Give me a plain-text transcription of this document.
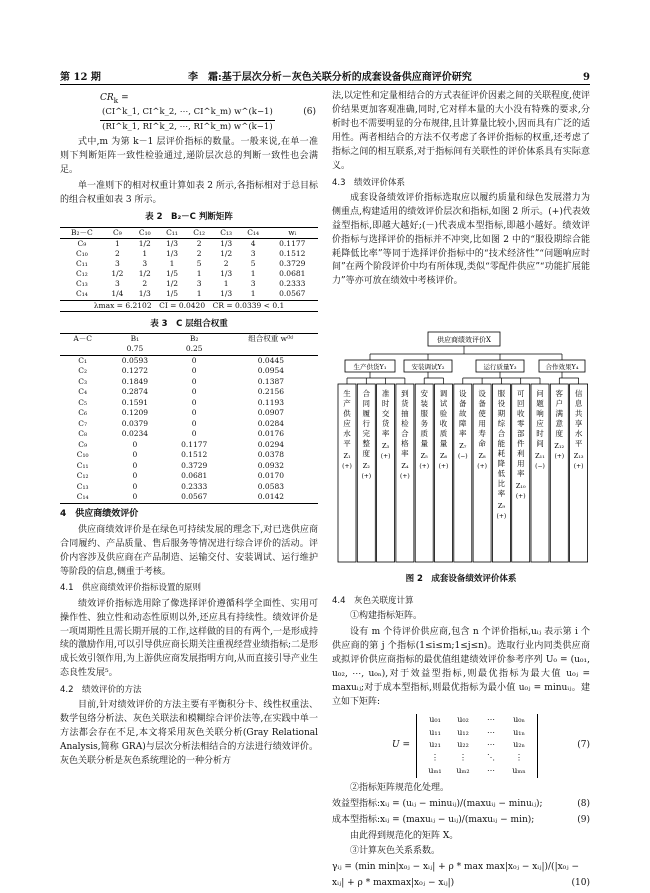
第 12 期	李　霜:基于层次分析－灰色关联分析的成套设备供应商评价研究	9
$CR_k$ =
$\frac{(CI\^{}k\_1, CI\^{}k\_2, \cdots, CI\^{}k\_m) w\^{}(k-1)}{(RI\^{}k\_1, RI\^{}k\_2, \cdots, RI\^{}k\_m) w\^{}(k-1)}$	(6)

式中,m 为第 k－1 层评价指标的数量。一般来说,在单一准则下判断矩阵一致性检验通过,递阶层次总的判断一致性也会满足。

单一准则下的相对权重计算如表 2 所示,各指标相对于总目标的组合权重如表 3 所示。

表 2　B₂－C 判断矩阵
B₂－C	C₉	C₁₀	C₁₁	C₁₂	C₁₃	C₁₄	wᵢ
C₉	1	1/2	1/3	2	1/3	4	0.1177
C₁₀	2	1	1/3	2	1/2	3	0.1512
C₁₁	3	3	1	5	2	5	0.3729
C₁₂	1/2	1/2	1/5	1	1/3	1	0.0681
C₁₃	3	2	1/2	3	1	3	0.2333
C₁₄	1/4	1/3	1/5	1	1/3	1	0.0567
λmax = 6.2102　CI = 0.0420　CR = 0.0339 < 0.1							
表 3　C 层组合权重
A－C	B₁	B₂	组合权重 w⁽ᵏ⁾
	0.75	0.25	
C₁	0.0593	0	0.0445
C₂	0.1272	0	0.0954
C₃	0.1849	0	0.1387
C₄	0.2874	0	0.2156
C₅	0.1591	0	0.1193
C₆	0.1209	0	0.0907
C₇	0.0379	0	0.0284
C₈	0.0234	0	0.0176
C₉	0	0.1177	0.0294
C₁₀	0	0.1512	0.0378
C₁₁	0	0.3729	0.0932
C₁₂	0	0.0681	0.0170
C₁₃	0	0.2333	0.0583
C₁₄	0	0.0567	0.0142
4　供应商绩效评价

供应商绩效评价是在绿色可持续发展的理念下,对已选供应商合同履约、产品质量、售后服务等情况进行综合评价的活动。评价内容涉及供应商在产品制造、运输交付、安装调试、运行维护等阶段的信息,侧重于考核。

4.1　供应商绩效评价指标设置的原则

绩效评价指标选用除了像选择评价遵循科学全面性、实用可操作性、独立性和动态性原则以外,还应具有持续性。绩效评价是一项周期性且需长期开展的工作,这样做的目的有两个,一是形成持续的激励作用,可以引导供应商长期关注重视经营业绩指标;二是形成长效引领作用,为上游供应商发展指明方向,从而直接引导产业生态良性发展⁵。

4.2　绩效评价的方法

目前,针对绩效评价的方法主要有平衡积分卡、线性权重法、数学包络分析法、灰色关联法和模糊综合评价法等,在实践中单一方法都会存在不足,本文将采用灰色关联分析(Gray Relational Analysis,简称 GRA)与层次分析法相结合的方法进行绩效评价。灰色关联分析是灰色系统理论的一种分析方

法,以定性和定量相结合的方式表征评价因素之间的关联程度,使评价结果更加客观准确,同时,它对样本量的大小没有特殊的要求,分析时也不需要明显的分布规律,且计算量比较小,因而具有广泛的适用性。两者相结合的方法不仅考虑了各评价指标的权重,还考虑了指标之间的相互联系,对于指标间有关联性的评价体系具有实际意义。

4.3　绩效评价体系

成套设备绩效评价指标选取应以履约质量和绿色发展潜力为侧重点,构建适用的绩效评价层次和指标,如图 2 所示。(+)代表效益型指标,即越大越好;(－)代表成本型指标,即越小越好。绩效评价指标与选择评价的指标并不冲突,比如图 2 中的“服役期综合能耗降低比率”等同于选择评价指标中的“技术经济性”“问题响应时间”在两个阶段评价中均有所体现,类似“零配件供应”“功能扩展能力”等亦可放在绩效中考核评价。

供应商绩效评价X
生产供货Y₁	安装调试Y₂	运行质量Y₃	合作效果Y₄
生
产
供
应
水
平
Z₁
(+)
合
同
履
行
完
整
度
Z₂
(+)
准
时
交
货
率
Z₃
(+)
到
货
抽
检
合
格
率
Z₄
(+)
安
装
服
务
质
量
Z₅
(+)
调
试
验
收
质
量
Z₆
(+)
设
备
故
障
率
Z₇
(−)
设
备
使
用
寿
命
Z₈
(+)
服
役
期
综
合
能
耗
降
低
比
率
Z₉
(+)
可
回
收
零
部
件
利
用
率
Z₁₀
(+)
问
题
响
应
时
间
Z₁₁
(−)
客
户
满
意
度
Z₁₂
(+)
信
息
共
享
水
平
Z₁₃
(+)
图 2　成套设备绩效评价体系
4.4　灰色关联度计算

①构建指标矩阵。

设有 m 个待评价供应商,包含 n 个评价指标,uᵢⱼ 表示第 i 个供应商的第 j 个指标(1≤i≤m;1≤j≤n)。选取行业内同类供应商或拟评价供应商指标的最优值组建绩效评价参考序列 U₀ = (u₀₁, u₀₂, ⋯, u₀ₙ),对于效益型指标,则最优指标为最大值 u₀ⱼ = maxuᵢⱼ;对于成本型指标,则最优指标为最小值 u₀ⱼ = minuᵢⱼ。建立如下矩阵:

U =
u₀₁	u₀₂	⋯	u₀ₙ
u₁₁	u₁₂	⋯	u₁ₙ
u₂₁	u₂₂	⋯	u₂ₙ
⋮	⋮	⋱	⋮
uₘ₁	uₘ₂	⋯	uₘₙ
(7)

②指标矩阵规范化处理。

效益型指标:xᵢⱼ = (uᵢⱼ − minuᵢⱼ)/(maxuᵢⱼ − minuᵢⱼ);	(8)
成本型指标:xᵢⱼ = (maxuᵢⱼ − uᵢⱼ)/(maxuᵢⱼ − min);	(9)

由此得到规范化的矩阵 X。

③计算灰色关系系数。

γᵢⱼ = (min min|x₀ⱼ − xᵢⱼ| + ρ * max max|x₀ⱼ − xᵢⱼ|)/(|x₀ⱼ −
xᵢⱼ| + ρ * maxmax|x₀ⱼ − xᵢⱼ|)	(10)
